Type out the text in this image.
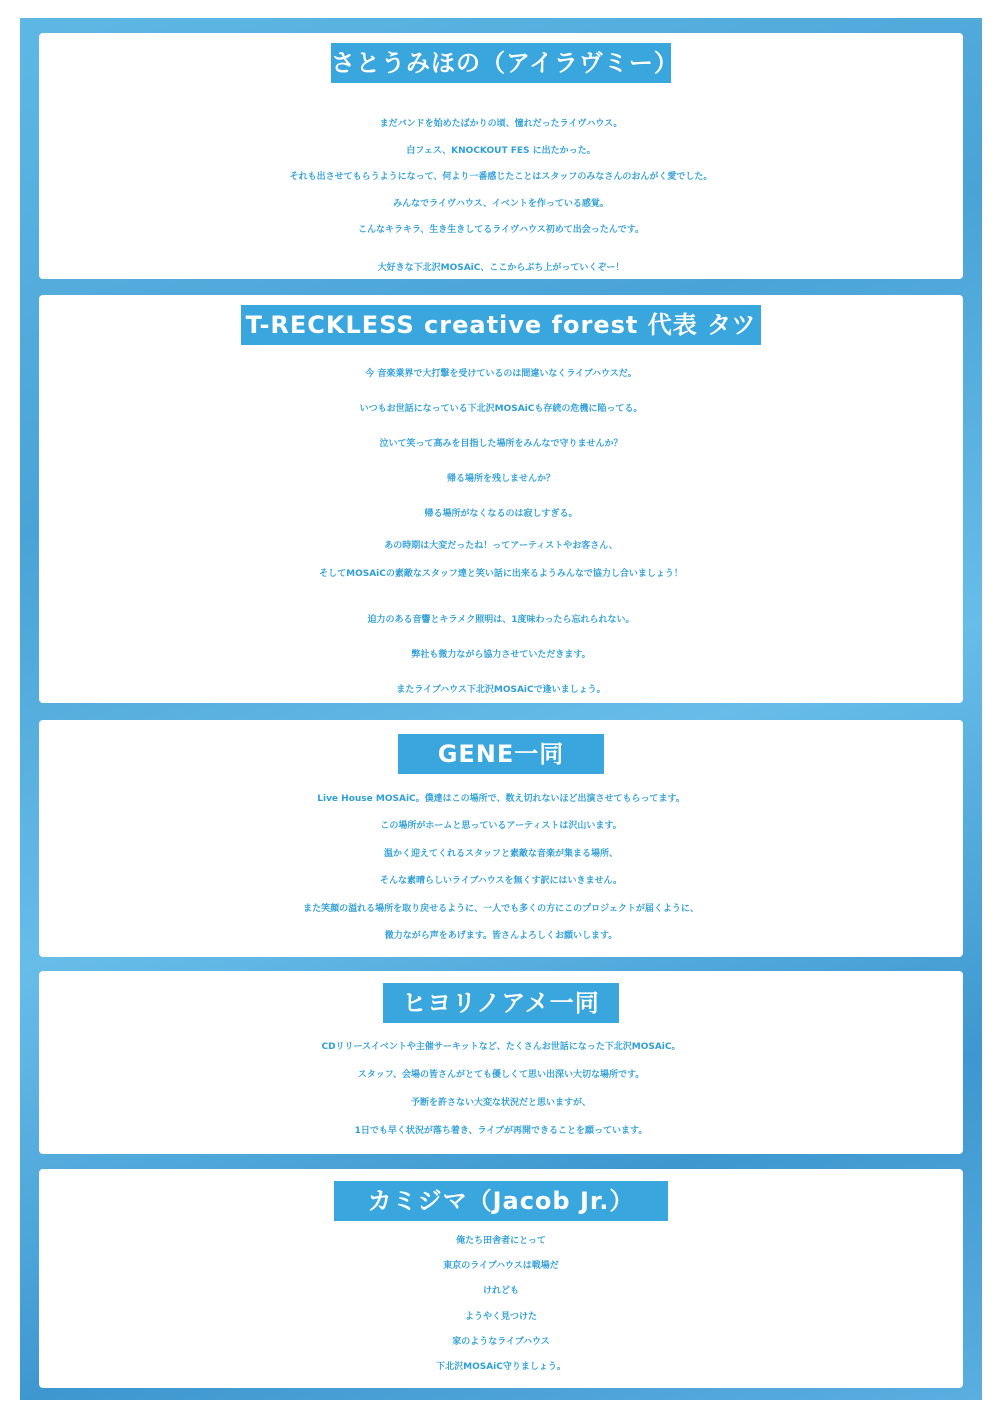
さとうみほの（アイラヴミー）
まだバンドを始めたばかりの頃、憧れだったライヴハウス。
白フェス、KNOCKOUT FES に出たかった。
それも出させてもらうようになって、何より一番感じたことはスタッフのみなさんのおんがく愛でした。
みんなでライヴハウス、イベントを作っている感覚。
こんなキラキラ、生き生きしてるライヴハウス初めて出会ったんです。
大好きな下北沢MOSAiC、ここからぶち上がっていくぞー！
T-RECKLESS creative forest 代表 タツ
今 音楽業界で大打撃を受けているのは間違いなくライブハウスだ。
いつもお世話になっている下北沢MOSAiCも存続の危機に陥ってる。
泣いて笑って高みを目指した場所をみんなで守りませんか？
帰る場所を残しませんか？
帰る場所がなくなるのは寂しすぎる。
あの時期は大変だったね！ってアーティストやお客さん、
そしてMOSAiCの素敵なスタッフ達と笑い話に出来るようみんなで協力し合いましょう！
迫力のある音響とキラメク照明は、1度味わったら忘れられない。
弊社も微力ながら協力させていただきます。
またライブハウス下北沢MOSAiCで逢いましょう。
GENE一同
Live House MOSAiC。僕達はこの場所で、数え切れないほど出演させてもらってます。
この場所がホームと思っているアーティストは沢山います。
温かく迎えてくれるスタッフと素敵な音楽が集まる場所、
そんな素晴らしいライブハウスを無くす訳にはいきません。
また笑顔の溢れる場所を取り戻せるように、一人でも多くの方にこのプロジェクトが届くように、
微力ながら声をあげます。皆さんよろしくお願いします。
ヒヨリノアメ一同
CDリリースイベントや主催サーキットなど、たくさんお世話になった下北沢MOSAiC。
スタッフ、会場の皆さんがとても優しくて思い出深い大切な場所です。
予断を許さない大変な状況だと思いますが、
1日でも早く状況が落ち着き、ライブが再開できることを願っています。
カミジマ（Jacob Jr.）
俺たち田舎者にとって
東京のライブハウスは戦場だ
けれども
ようやく見つけた
家のようなライブハウス
下北沢MOSAiC守りましょう。
